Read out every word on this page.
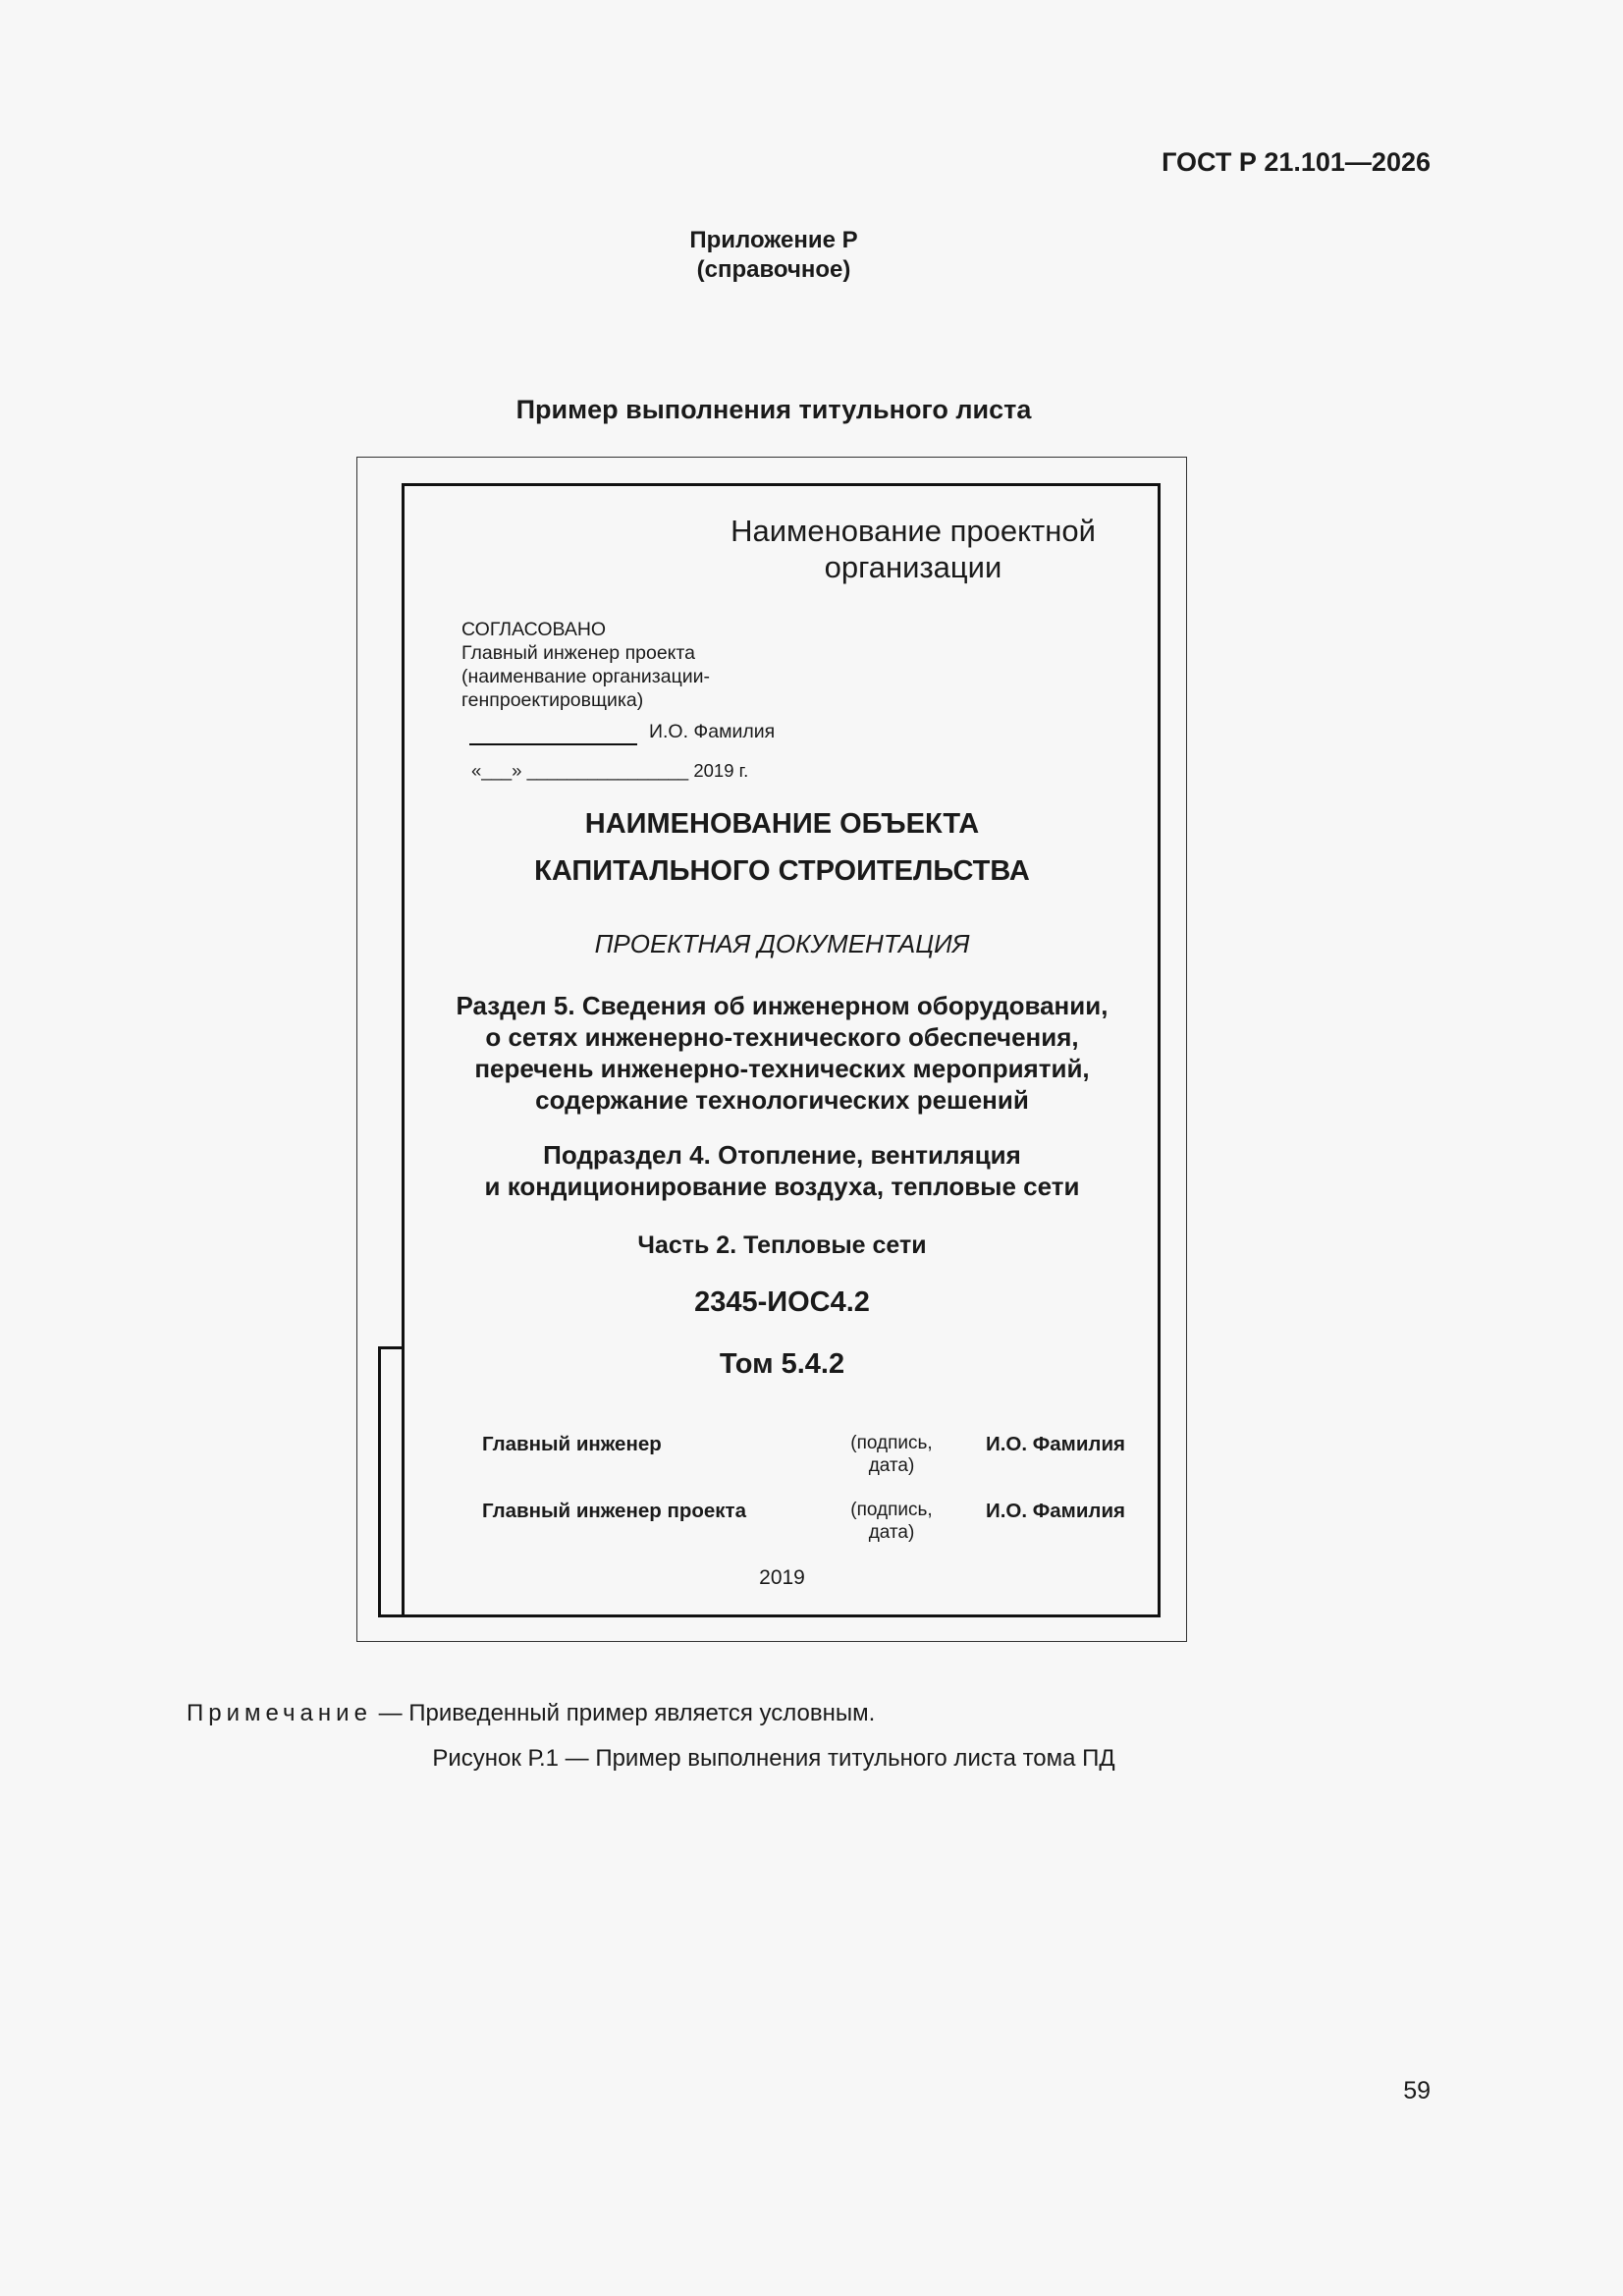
ГОСТ Р 21.101—2026
Приложение Р
(справочное)
Пример выполнения титульного листа
Наименование проектной
организации
СОГЛАСОВАНО
Главный инженер проекта
(наименвание организации-
генпроектировщика)
И.О. Фамилия
«___» ________________ 2019 г.
НАИМЕНОВАНИЕ ОБЪЕКТА
КАПИТАЛЬНОГО СТРОИТЕЛЬСТВА
ПРОЕКТНАЯ ДОКУМЕНТАЦИЯ
Раздел 5. Сведения об инженерном оборудовании,
о сетях инженерно-технического обеспечения,
перечень инженерно-технических мероприятий,
содержание технологических решений
Подраздел 4. Отопление, вентиляция
и кондиционирование воздуха, тепловые сети
Часть 2. Тепловые сети
2345-ИОС4.2
Том 5.4.2
Главный инженер	(подпись,
дата)
И.О. Фамилия
Главный инженер проекта	(подпись,
дата)
И.О. Фамилия
2019
Примечание — Приведенный пример является условным.
Рисунок Р.1 — Пример выполнения титульного листа тома ПД
59
